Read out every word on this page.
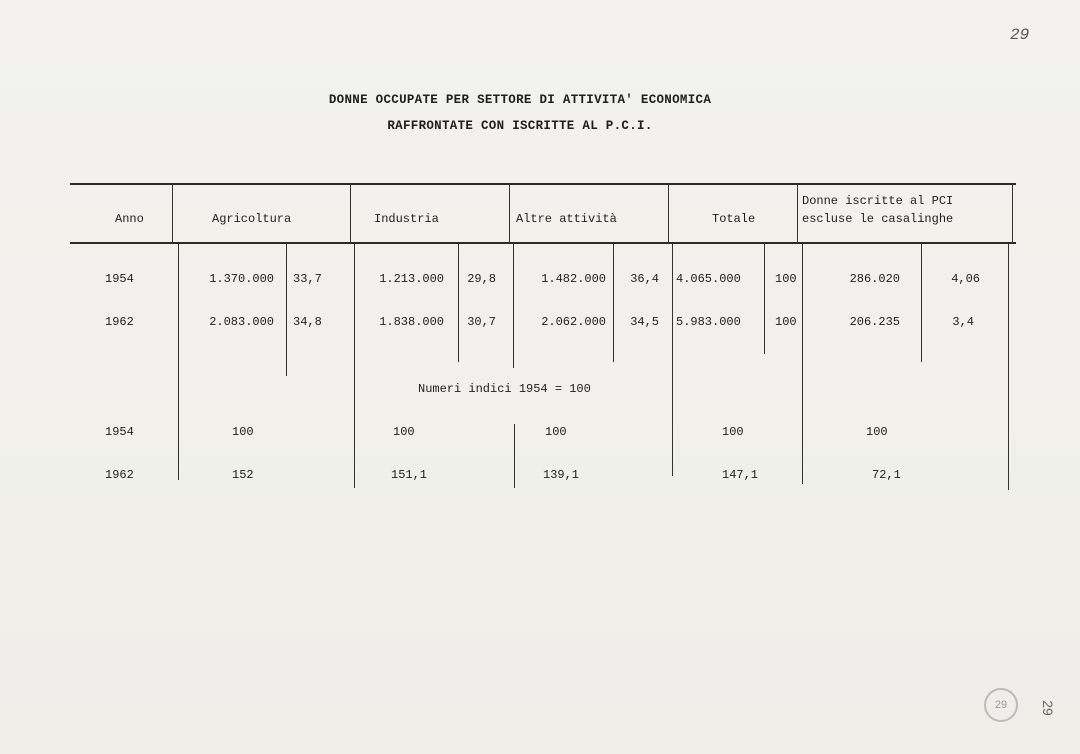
29
DONNE OCCUPATE PER SETTORE DI ATTIVITA' ECONOMICA
RAFFRONTATE CON ISCRITTE AL P.C.I.
Anno	Agricoltura	Industria	Altre attività	Totale
Donne iscritte al PCI
escluse le casalinghe
1954	1.370.000 33,7	1.213.000	29,8	1.482.000	36,4 4.065.000	100	286.020	4,06
1962	2.083.000 34,8	1.838.000	30,7	2.062.000	34,5 5.983.000	100	206.235	3,4
Numeri indici 1954 = 100
1954	100	100	100	100	100
1962	152	151,1	139,1	147,1	72,1
29	29
